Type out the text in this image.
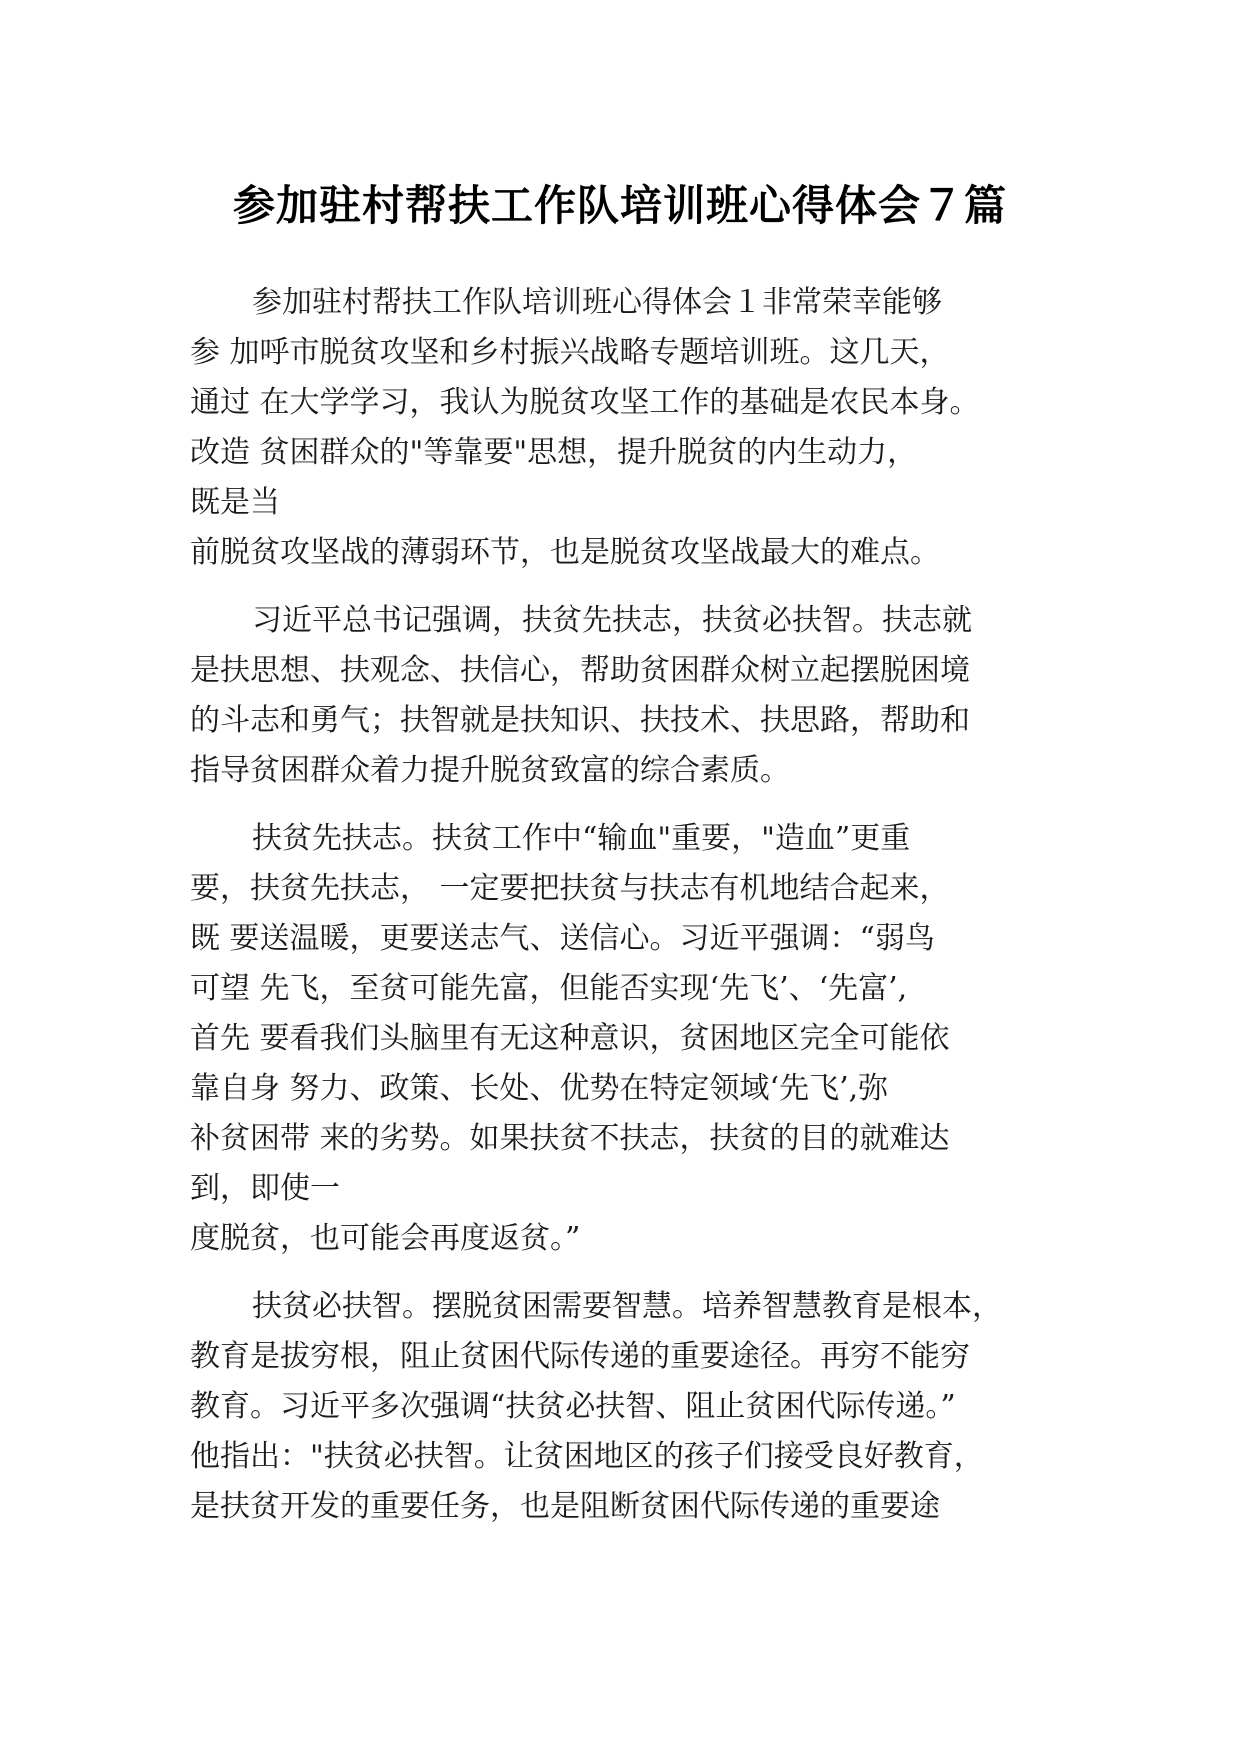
参加驻村帮扶工作队培训班心得体会７篇
参加驻村帮扶工作队培训班心得体会１非常荣幸能够
参 加呼市脱贫攻坚和乡村振兴战略专题培训班。这几天，
通过 在大学学习，我认为脱贫攻坚工作的基础是农民本身。
改造 贫困群众的"等靠要"思想，提升脱贫的内生动力，
既是当
前脱贫攻坚战的薄弱环节，也是脱贫攻坚战最大的难点。
习近平总书记强调，扶贫先扶志，扶贫必扶智。扶志就
是扶思想、扶观念、扶信心，帮助贫困群众树立起摆脱困境
的斗志和勇气；扶智就是扶知识、扶技术、扶思路，帮助和
指导贫困群众着力提升脱贫致富的综合素质。
扶贫先扶志。扶贫工作中“输血"重要，"造血”更重
要，扶贫先扶志， 一定要把扶贫与扶志有机地结合起来，
既 要送温暖，更要送志气、送信心。习近平强调：“弱鸟
可望 先飞，至贫可能先富，但能否实现‘先飞’、‘先富’,
首先 要看我们头脑里有无这种意识，贫困地区完全可能依
靠自身 努力、政策、长处、优势在特定领域‘先飞’,弥
补贫困带 来的劣势。如果扶贫不扶志，扶贫的目的就难达
到，即使一
度脱贫，也可能会再度返贫。”
扶贫必扶智。摆脱贫困需要智慧。培养智慧教育是根本，
教育是拔穷根，阻止贫困代际传递的重要途径。再穷不能穷
教育。习近平多次强调“扶贫必扶智、阻止贫困代际传递。”
他指出："扶贫必扶智。让贫困地区的孩子们接受良好教育，
是扶贫开发的重要任务，也是阻断贫困代际传递的重要途
